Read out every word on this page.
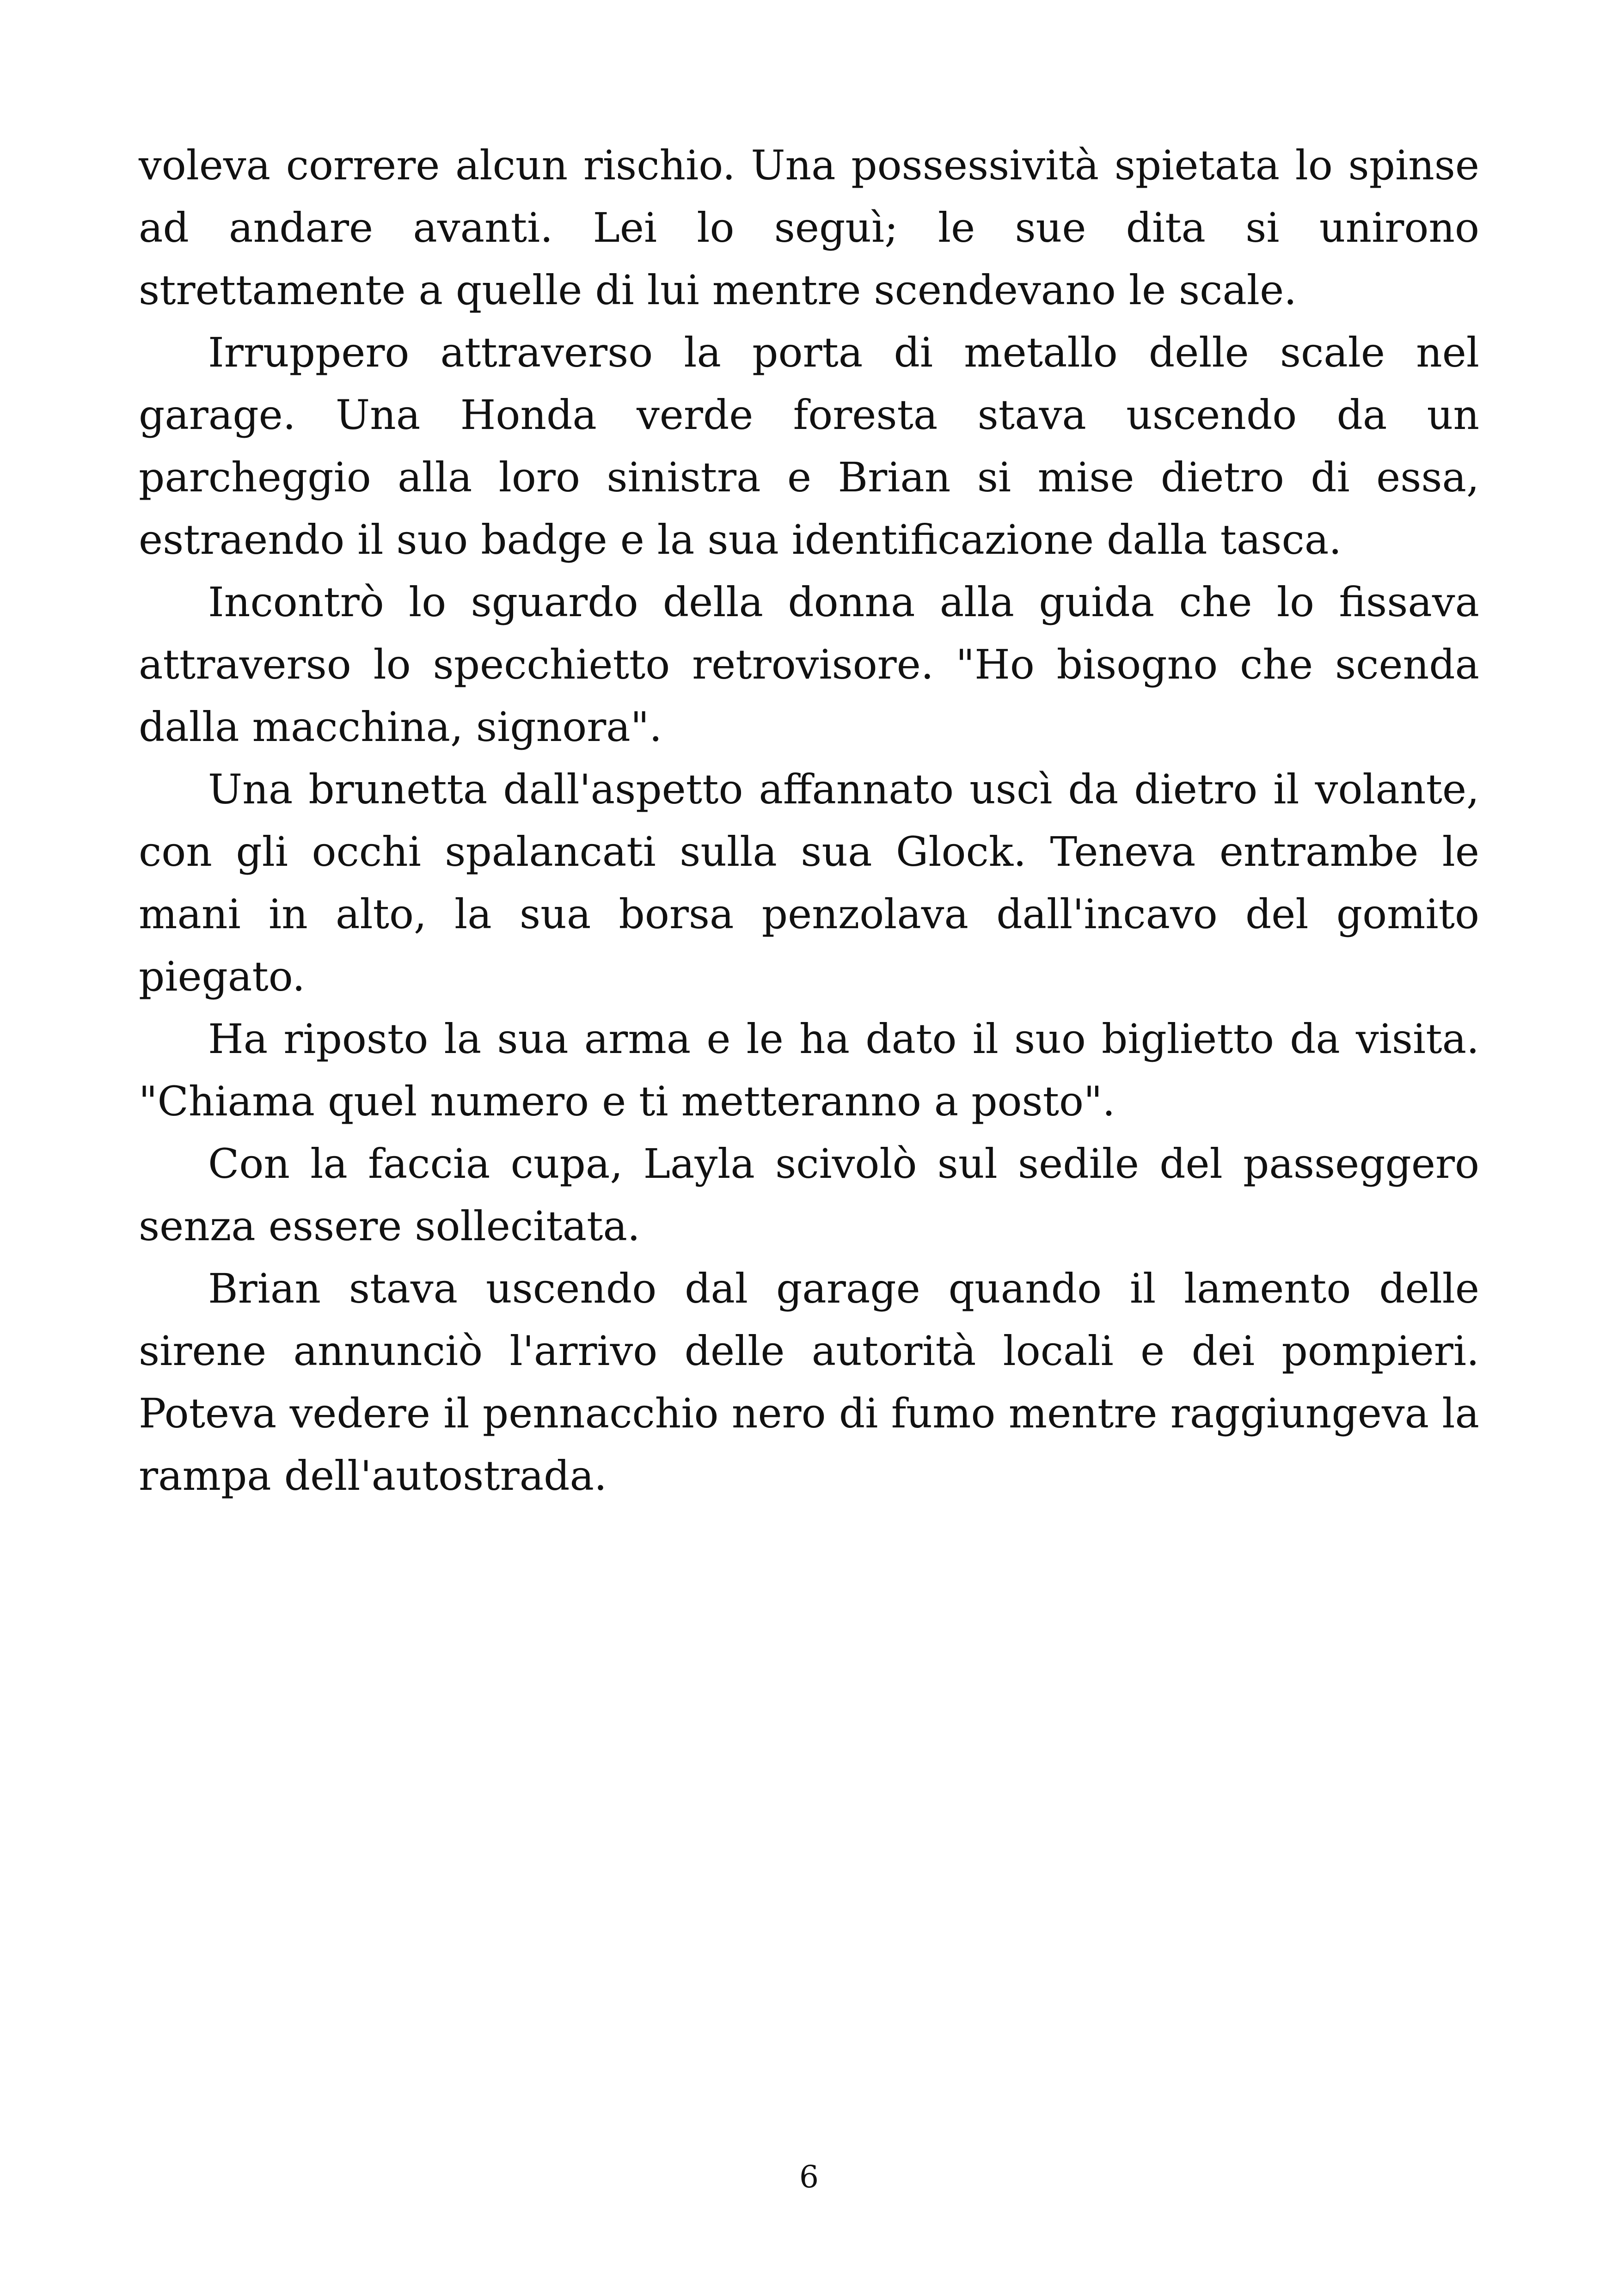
voleva correre alcun rischio. Una possessività spietata lo spinse ad andare avanti. Lei lo seguì; le sue dita si unirono strettamente a quelle di lui mentre scendevano le scale.

Irruppero attraverso la porta di metallo delle scale nel garage. Una Honda verde foresta stava uscendo da un parcheggio alla loro sinistra e Brian si mise dietro di essa, estraendo il suo badge e la sua identificazione dalla tasca.

Incontrò lo sguardo della donna alla guida che lo fissava attraverso lo specchietto retrovisore. "Ho bisogno che scenda dalla macchina, signora".

Una brunetta dall'aspetto affannato uscì da dietro il volante, con gli occhi spalancati sulla sua Glock. Teneva entrambe le mani in alto, la sua borsa penzolava dall'incavo del gomito piegato.

Ha riposto la sua arma e le ha dato il suo biglietto da visita. "Chiama quel numero e ti metteranno a posto".

Con la faccia cupa, Layla scivolò sul sedile del passeggero senza essere sollecitata.

Brian stava uscendo dal garage quando il lamento delle sirene annunciò l'arrivo delle autorità locali e dei pompieri. Poteva vedere il pennacchio nero di fumo mentre raggiungeva la rampa dell'autostrada.

6
